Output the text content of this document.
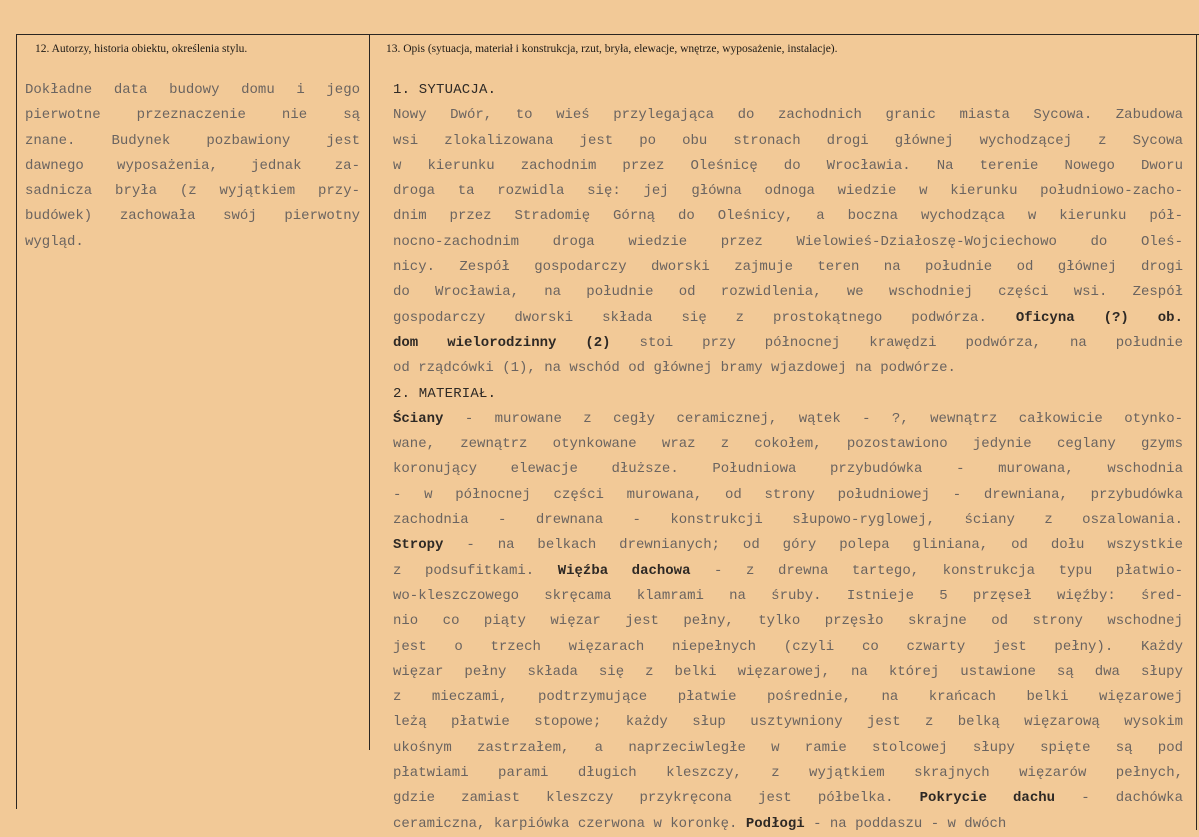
12. Autorzy, historia obiektu, określenia stylu.	13. Opis (sytuacja, materiał i konstrukcja, rzut, bryła, elewacje, wnętrze, wyposażenie, instalacje).
Dokładne data budowy domu i jego
pierwotne przeznaczenie nie są
znane. Budynek pozbawiony jest
dawnego wyposażenia, jednak za-
sadnicza bryła (z wyjątkiem przy-
budówek) zachowała swój pierwotny
wygląd.
1. SYTUACJA.
Nowy Dwór, to wieś przylegająca do zachodnich granic miasta Sycowa. Zabudowa
wsi zlokalizowana jest po obu stronach drogi głównej wychodzącej z Sycowa
w kierunku zachodnim przez Oleśnicę do Wrocławia. Na terenie Nowego Dworu
droga ta rozwidla się: jej główna odnoga wiedzie w kierunku południowo-zacho-
dnim przez Stradomię Górną do Oleśnicy, a boczna wychodząca w kierunku pół-
nocno-zachodnim droga wiedzie przez Wielowieś-Działoszę-Wojciechowo do Oleś-
nicy. Zespół gospodarczy dworski zajmuje teren na południe od głównej drogi
do Wrocławia, na południe od rozwidlenia, we wschodniej części wsi. Zespół
gospodarczy dworski składa się z prostokątnego podwórza. Oficyna (?) ob.
dom wielorodzinny (2) stoi przy północnej krawędzi podwórza, na południe
od rządcówki (1), na wschód od głównej bramy wjazdowej na podwórze.
2. MATERIAŁ.
Ściany - murowane z cegły ceramicznej, wątek - ?, wewnątrz całkowicie otynko-
wane, zewnątrz otynkowane wraz z cokołem, pozostawiono jedynie ceglany gzyms
koronujący elewacje dłuższe. Południowa przybudówka - murowana, wschodnia
- w północnej części murowana, od strony południowej - drewniana, przybudówka
zachodnia - drewnana - konstrukcji słupowo-ryglowej, ściany z oszalowania.
Stropy - na belkach drewnianych; od góry polepa gliniana, od dołu wszystkie
z podsufitkami. Więźba dachowa - z drewna tartego, konstrukcja typu płatwio-
wo-kleszczowego skręcama klamrami na śruby. Istnieje 5 przęseł więźby: śred-
nio co piąty więzar jest pełny, tylko przęsło skrajne od strony wschodnej
jest o trzech więzarach niepełnych (czyli co czwarty jest pełny). Każdy
więzar pełny składa się z belki więzarowej, na której ustawione są dwa słupy
z mieczami, podtrzymujące płatwie pośrednie, na krańcach belki więzarowej
leżą płatwie stopowe; każdy słup usztywniony jest z belką więzarową wysokim
ukośnym zastrzałem, a naprzeciwległe w ramie stolcowej słupy spięte są pod
płatwiami parami długich kleszczy, z wyjątkiem skrajnych więzarów pełnych,
gdzie zamiast kleszczy przykręcona jest półbelka. Pokrycie dachu - dachówka
ceramiczna, karpiówka czerwona w koronkę. Podłogi - na poddaszu - w dwóch
